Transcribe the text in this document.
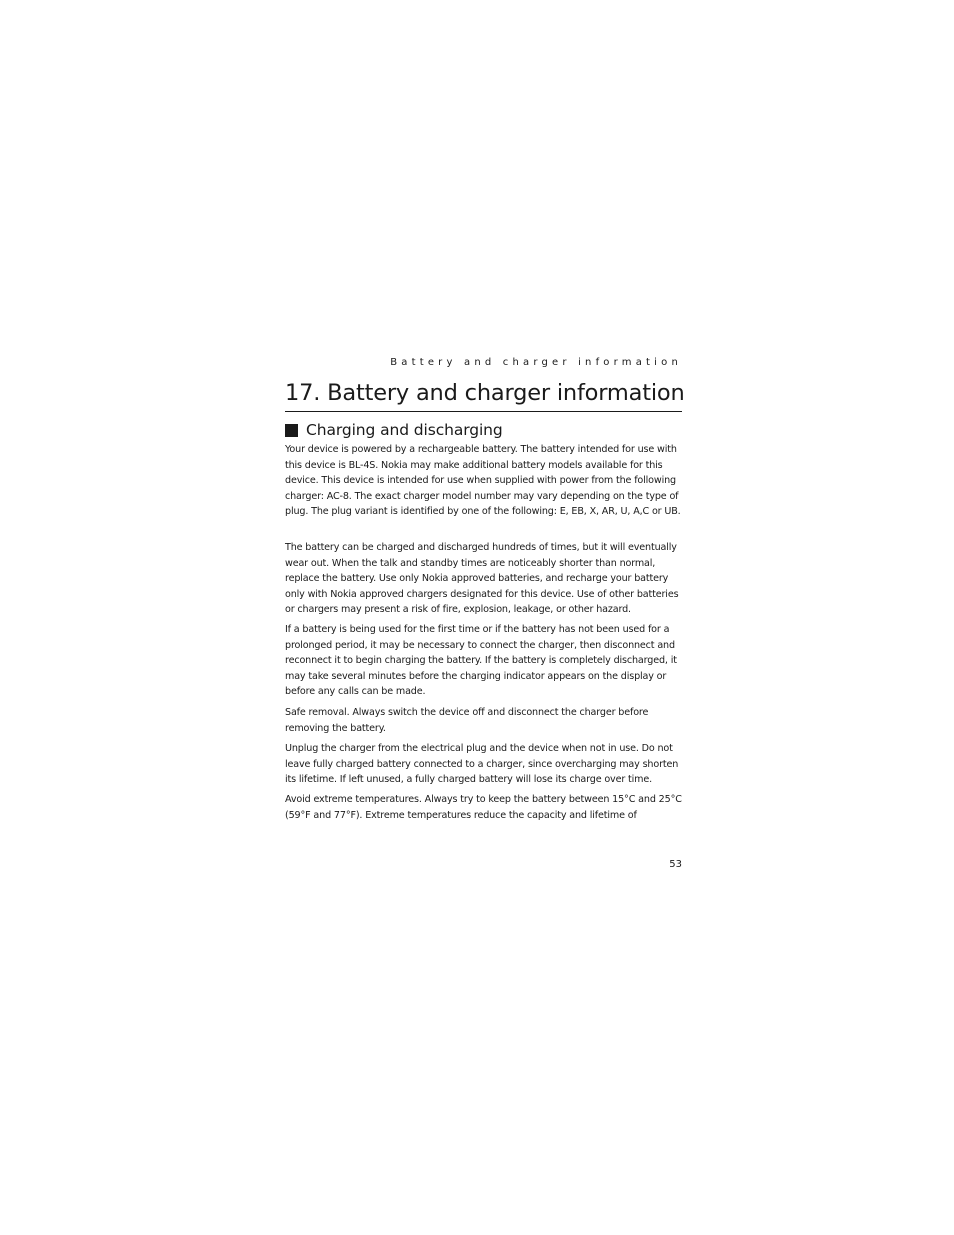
Battery and charger information
17. Battery and charger information
Charging and discharging

Your device is powered by a rechargeable battery. The battery intended for use with this device is BL-4S. Nokia may make additional battery models available for this device. This device is intended for use when supplied with power from the following charger: AC-8. The exact charger model number may vary depending on the type of plug. The plug variant is identified by one of the following: E, EB, X, AR, U, A,C or UB.

The battery can be charged and discharged hundreds of times, but it will eventually wear out. When the talk and standby times are noticeably shorter than normal, replace the battery. Use only Nokia approved batteries, and recharge your battery only with Nokia approved chargers designated for this device. Use of other batteries or chargers may present a risk of fire, explosion, leakage, or other hazard.

If a battery is being used for the first time or if the battery has not been used for a prolonged period, it may be necessary to connect the charger, then disconnect and reconnect it to begin charging the battery. If the battery is completely discharged, it may take several minutes before the charging indicator appears on the display or before any calls can be made.

Safe removal. Always switch the device off and disconnect the charger before removing the battery.

Unplug the charger from the electrical plug and the device when not in use. Do not leave fully charged battery connected to a charger, since overcharging may shorten its lifetime. If left unused, a fully charged battery will lose its charge over time.

Avoid extreme temperatures. Always try to keep the battery between 15°C and 25°C (59°F and 77°F). Extreme temperatures reduce the capacity and lifetime of

53
